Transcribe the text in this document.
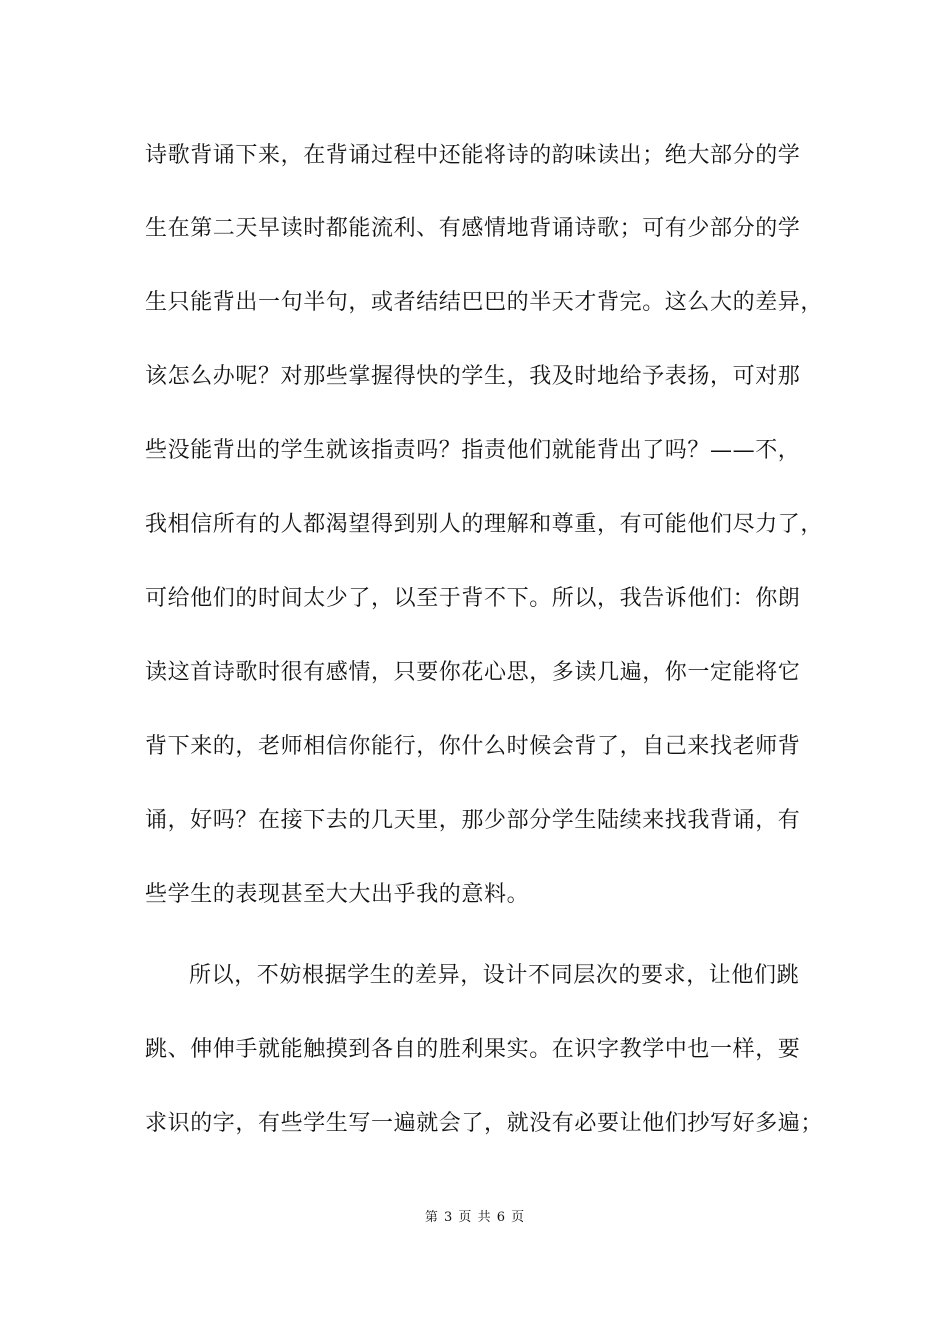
诗歌背诵下来，在背诵过程中还能将诗的韵味读出；绝大部分的学
生在第二天早读时都能流利、有感情地背诵诗歌；可有少部分的学
生只能背出一句半句，或者结结巴巴的半天才背完。这么大的差异，
该怎么办呢？对那些掌握得快的学生，我及时地给予表扬，可对那
些没能背出的学生就该指责吗？指责他们就能背出了吗？——不，
我相信所有的人都渴望得到别人的理解和尊重，有可能他们尽力了，
可给他们的时间太少了，以至于背不下。所以，我告诉他们：你朗
读这首诗歌时很有感情，只要你花心思，多读几遍，你一定能将它
背下来的，老师相信你能行，你什么时候会背了，自己来找老师背
诵，好吗？在接下去的几天里，那少部分学生陆续来找我背诵，有
些学生的表现甚至大大出乎我的意料。
所以，不妨根据学生的差异，设计不同层次的要求，让他们跳
跳、伸伸手就能触摸到各自的胜利果实。在识字教学中也一样，要
求识的字，有些学生写一遍就会了，就没有必要让他们抄写好多遍；
第 3 页 共 6 页
